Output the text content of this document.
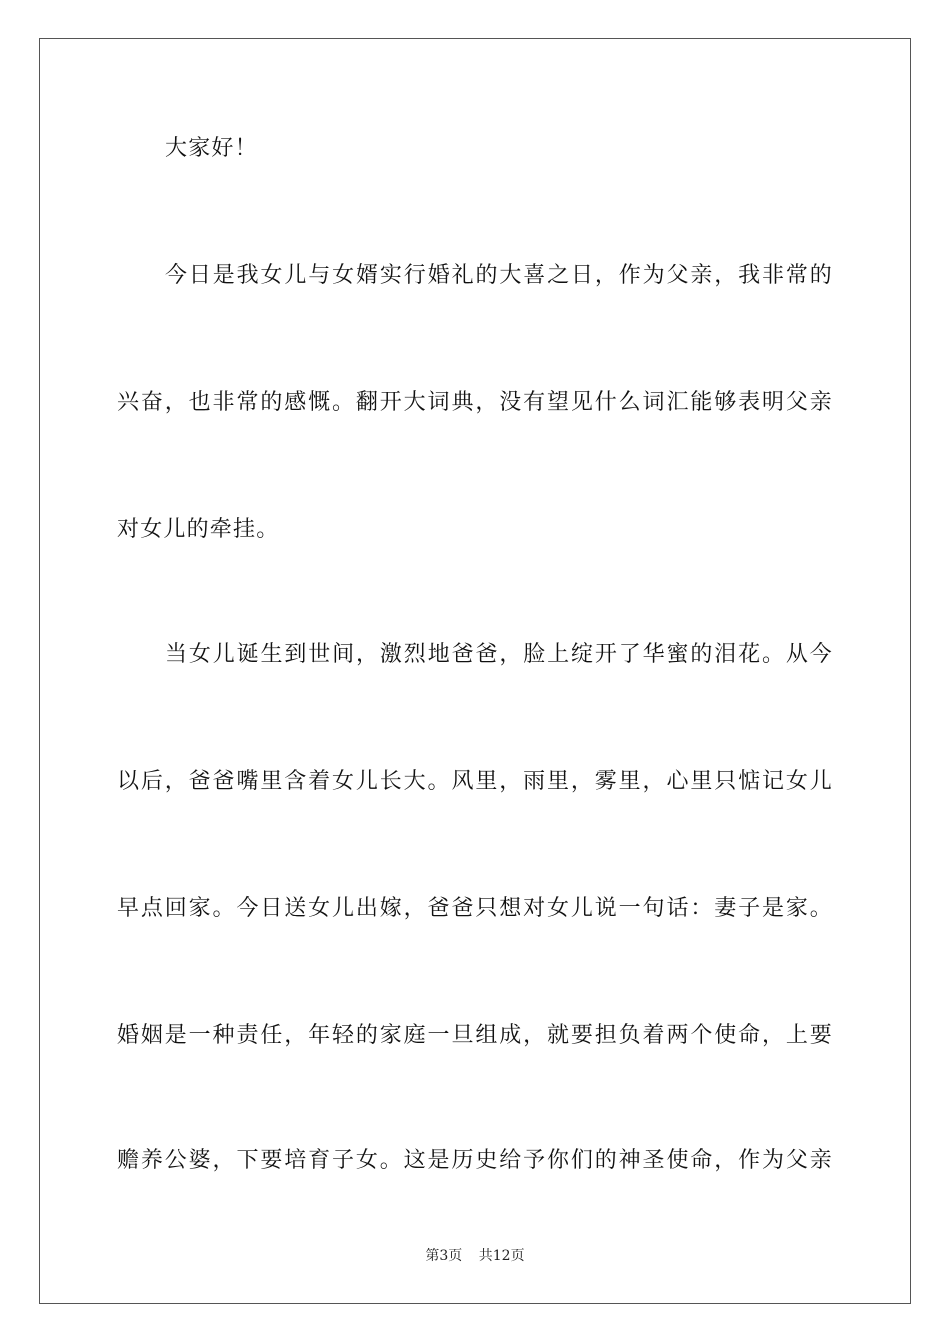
大家好！
今日是我女儿与女婿实行婚礼的大喜之日，作为父亲，我非常的
兴奋，也非常的感慨。翻开大词典，没有望见什么词汇能够表明父亲
对女儿的牵挂。
当女儿诞生到世间，激烈地爸爸，脸上绽开了华蜜的泪花。从今
以后，爸爸嘴里含着女儿长大。风里，雨里，雾里，心里只惦记女儿
早点回家。今日送女儿出嫁，爸爸只想对女儿说一句话：妻子是家。
婚姻是一种责任，年轻的家庭一旦组成，就要担负着两个使命，上要
赡养公婆，下要培育子女。这是历史给予你们的神圣使命，作为父亲
第3页 共12页
